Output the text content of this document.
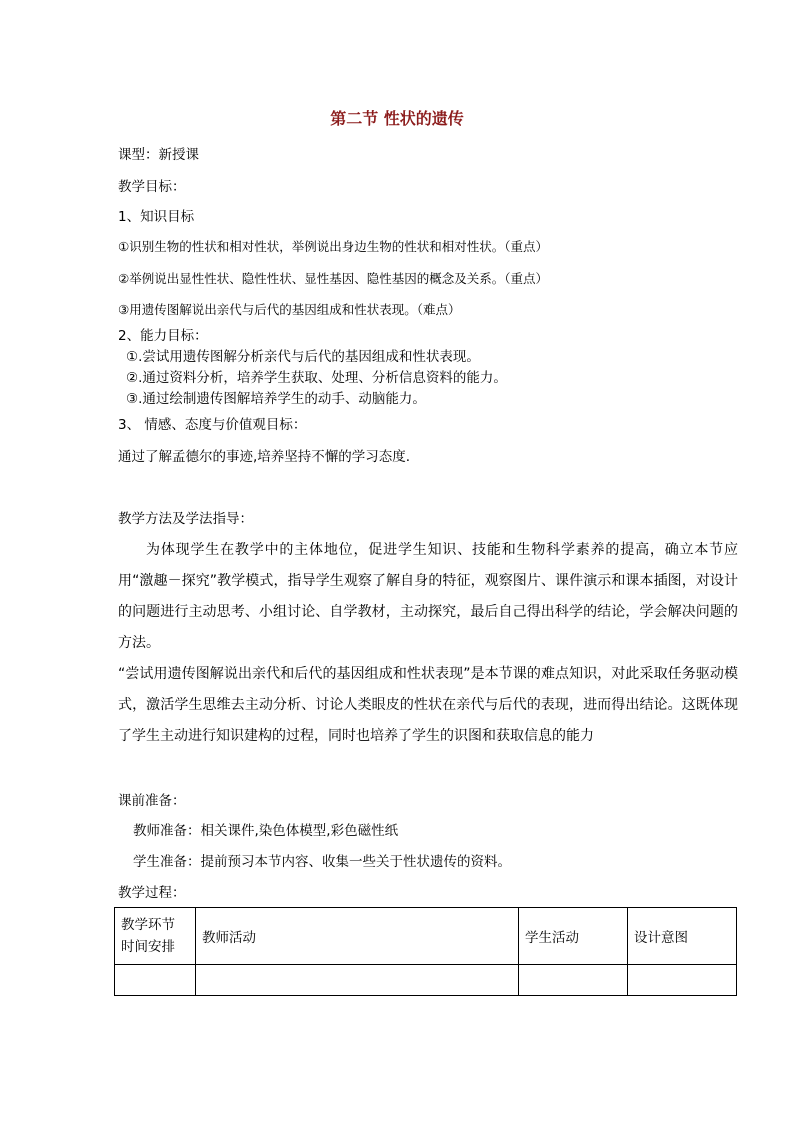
第二节 性状的遗传
课型：新授课
教学目标：
1、知识目标
①识别生物的性状和相对性状，举例说出身边生物的性状和相对性状。（重点）
②举例说出显性性状、隐性性状、显性基因、隐性基因的概念及关系。（重点）
③用遗传图解说出亲代与后代的基因组成和性状表现。（难点）
2、能力目标：
①.尝试用遗传图解分析亲代与后代的基因组成和性状表现。
②.通过资料分析，培养学生获取、处理、分析信息资料的能力。
③.通过绘制遗传图解培养学生的动手、动脑能力。
3、 情感、态度与价值观目标：
通过了解孟德尔的事迹,培养坚持不懈的学习态度.
教学方法及学法指导：

为体现学生在教学中的主体地位，促进学生知识、技能和生物科学素养的提高，确立本节应用“激趣－探究”教学模式，指导学生观察了解自身的特征，观察图片、课件演示和课本插图，对设计的问题进行主动思考、小组讨论、自学教材，主动探究，最后自己得出科学的结论，学会解决问题的方法。

“尝试用遗传图解说出亲代和后代的基因组成和性状表现”是本节课的难点知识，对此采取任务驱动模式，激活学生思维去主动分析、讨论人类眼皮的性状在亲代与后代的表现，进而得出结论。这既体现了学生主动进行知识建构的过程，同时也培养了学生的识图和获取信息的能力

课前准备：
教师准备：相关课件,染色体模型,彩色磁性纸
学生准备：提前预习本节内容、收集一些关于性状遗传的资料。
教学过程：
教学环节
时间安排	教师活动	学生活动	设计意图
